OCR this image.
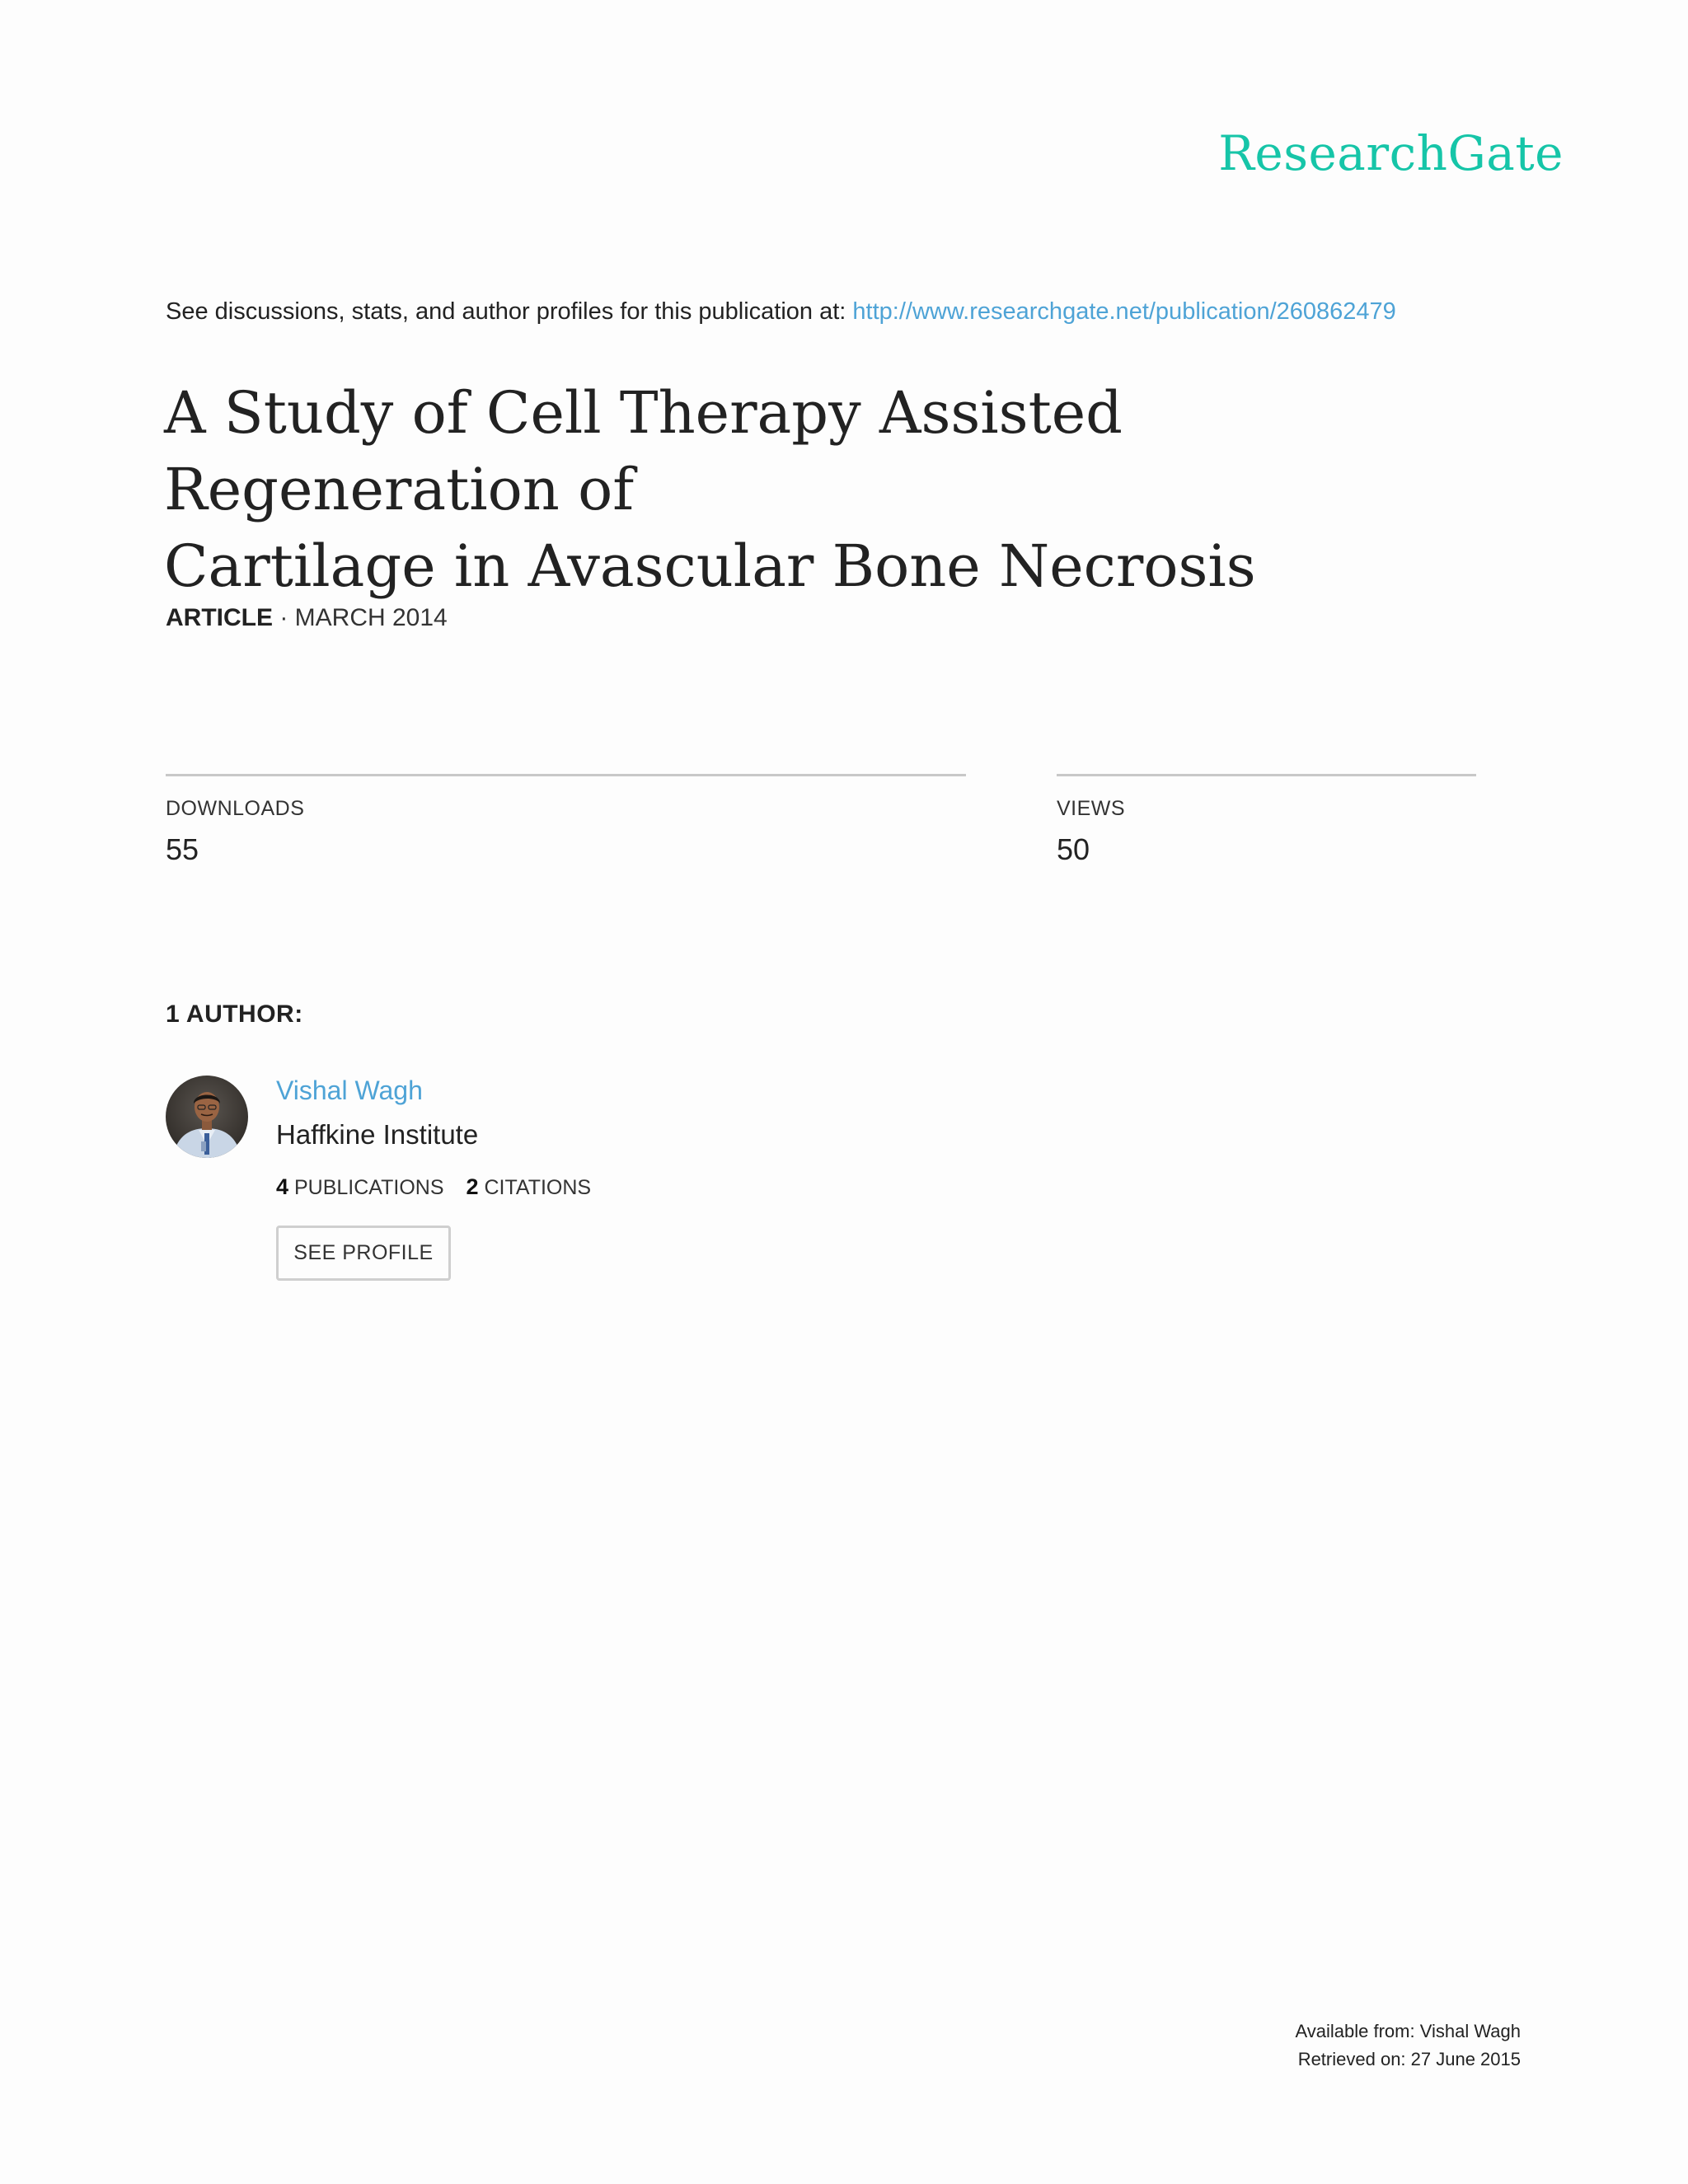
ResearchGate
See discussions, stats, and author profiles for this publication at: http://www.researchgate.net/publication/260862479
A Study of Cell Therapy Assisted Regeneration of
Cartilage in Avascular Bone Necrosis
ARTICLE · MARCH 2014
DOWNLOADS
55
VIEWS
50
1 AUTHOR:
Vishal Wagh
Haffkine Institute
4 PUBLICATIONS 2 CITATIONS
SEE PROFILE
Available from: Vishal Wagh
Retrieved on: 27 June 2015
